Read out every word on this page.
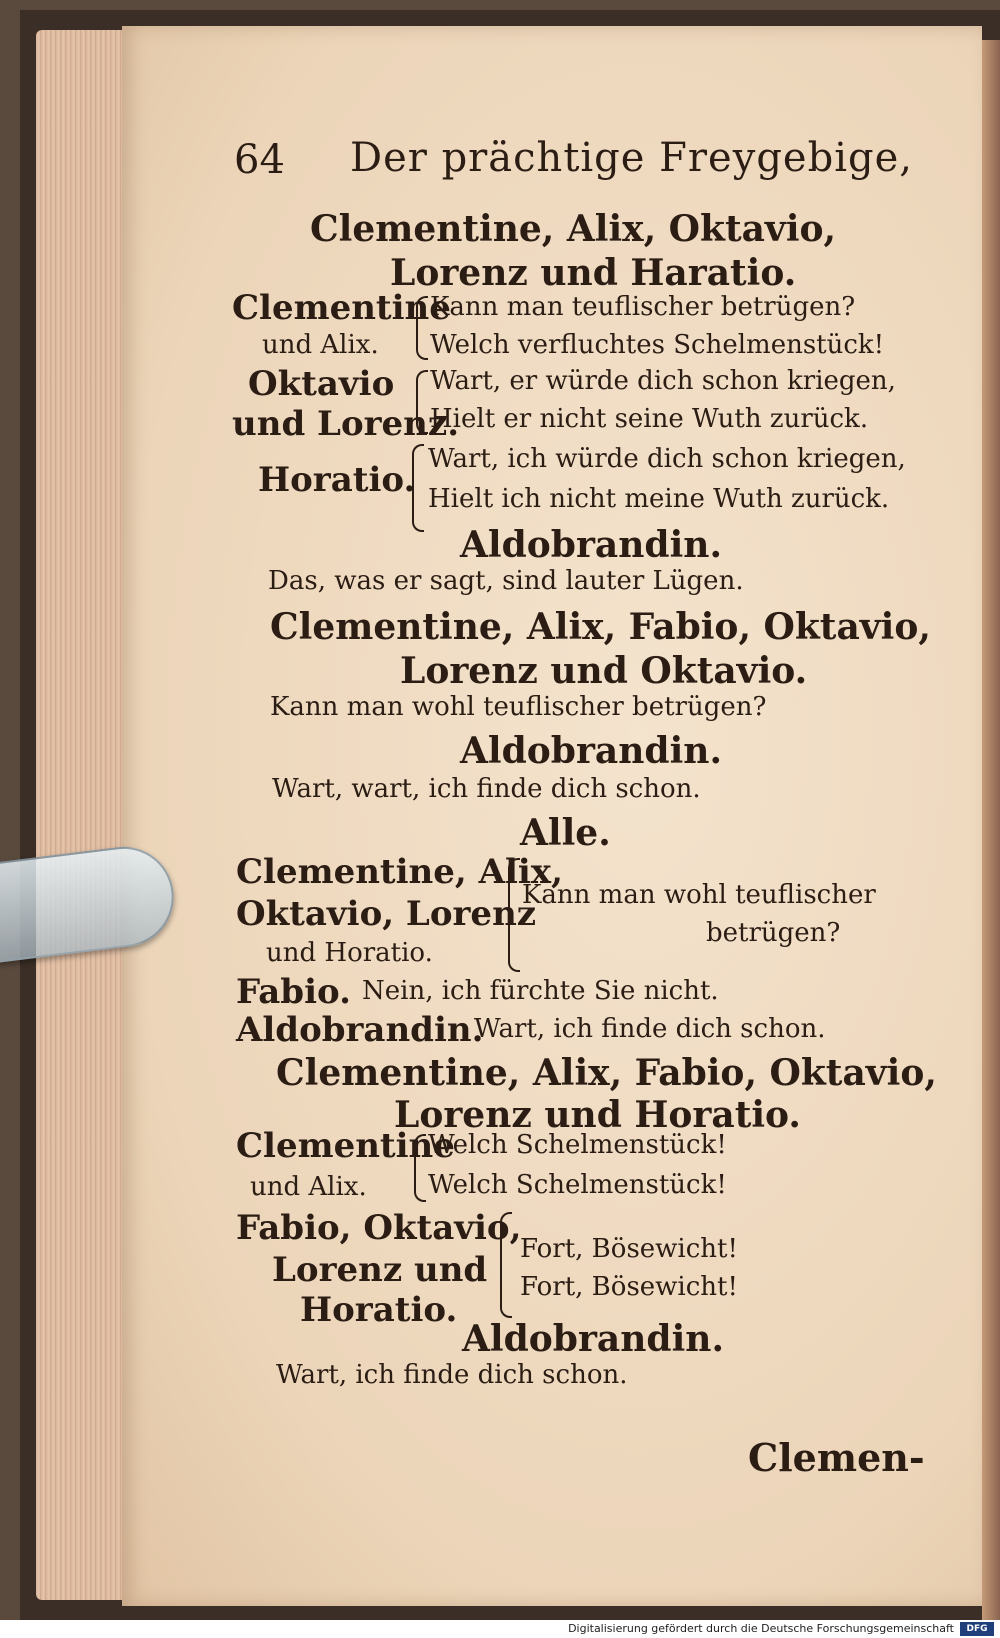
64 Der prächtige Freygebige,
Clementine, Alix, Oktavio,
Lorenz und Haratio.
Clementine
und Alix.
Kann man teuflischer betrügen?
Welch verfluchtes Schelmenstück!
Oktavio
und Lorenz.
Wart, er würde dich schon kriegen,
Hielt er nicht seine Wuth zurück.
Horatio.
Wart, ich würde dich schon kriegen,
Hielt ich nicht meine Wuth zurück.
Aldobrandin.
Das, was er sagt, sind lauter Lügen.
Clementine, Alix, Fabio, Oktavio,
Lorenz und Oktavio.
Kann man wohl teuflischer betrügen?
Aldobrandin.
Wart, wart, ich finde dich schon.
Alle.
Clementine, Alix,
Oktavio, Lorenz
und Horatio.
Kann man wohl teuflischer
betrügen?
Fabio. Nein, ich fürchte Sie nicht.
Aldobrandin.
Wart, ich finde dich schon.
Clementine, Alix, Fabio, Oktavio,
Lorenz und Horatio.
Clementine
und Alix.
Welch Schelmenstück!
Welch Schelmenstück!
Fabio, Oktavio,
Lorenz und
Horatio.
Fort, Bösewicht!
Fort, Bösewicht!
Aldobrandin.
Wart, ich finde dich schon.
Clemen-
Digitalisierung gefördert durch die Deutsche Forschungsgemeinschaft	DFG
